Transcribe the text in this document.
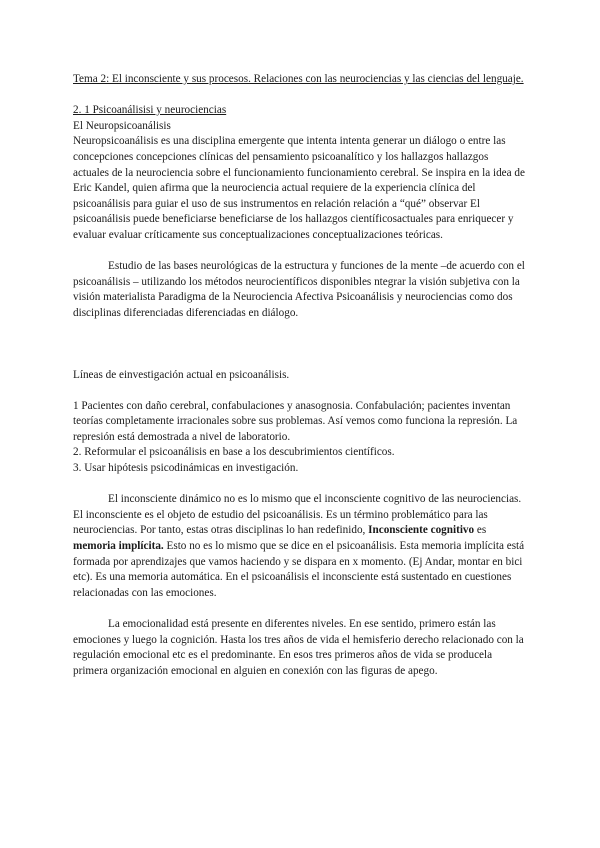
Tema 2: El inconsciente y sus procesos. Relaciones con las neurociencias y las ciencias del lenguaje.

2. 1 Psicoanálisisi y neurociencias

El Neuropsicoanálisis

Neuropsicoanálisis es una disciplina emergente que intenta intenta generar un diálogo o entre las concepciones concepciones clínicas del pensamiento psicoanalítico y los hallazgos hallazgos actuales de la neurociencia sobre el funcionamiento funcionamiento cerebral. Se inspira en la idea de Eric Kandel, quien afirma que la neurociencia actual requiere de la experiencia clínica del psicoanálisis para guiar el uso de sus instrumentos en relación relación a “qué” observar El psicoanálisis puede beneficiarse beneficiarse de los hallazgos científicosactuales para enriquecer y evaluar evaluar críticamente sus conceptualizaciones conceptualizaciones teóricas.

Estudio de las bases neurológicas de la estructura y funciones de la mente –de acuerdo con el psicoanálisis – utilizando los métodos neurocientíficos disponibles ntegrar la visión subjetiva con la visión materialista Paradigma de la Neurociencia Afectiva Psicoanálisis y neurociencias como dos disciplinas diferenciadas diferenciadas en diálogo.

Líneas de einvestigación actual en psicoanálisis.

1 Pacientes con daño cerebral, confabulaciones y anasognosia. Confabulación; pacientes inventan teorías completamente irracionales sobre sus problemas. Así vemos como funciona la represión. La represión está demostrada a nivel de laboratorio.

2. Reformular el psicoanálisis en base a los descubrimientos científicos.

3. Usar hipótesis psicodinámicas en investigación.

El inconsciente dinámico no es lo mismo que el inconsciente cognitivo de las neurociencias. El inconsciente es el objeto de estudio del psicoanálisis. Es un término problemático para las neurociencias. Por tanto, estas otras disciplinas lo han redefinido, Inconsciente cognitivo es memoria implícita. Esto no es lo mismo que se dice en el psicoanálisis. Esta memoria implícita está formada por aprendizajes que vamos haciendo y se dispara en x momento. (Ej Andar, montar en bici etc). Es una memoria automática. En el psicoanálisis el inconsciente está sustentado en cuestiones relacionadas con las emociones.

La emocionalidad está presente en diferentes niveles. En ese sentido, primero están las emociones y luego la cognición. Hasta los tres años de vida el hemisferio derecho relacionado con la regulación emocional etc es el predominante. En esos tres primeros años de vida se producela primera organización emocional en alguien en conexión con las figuras de apego.
